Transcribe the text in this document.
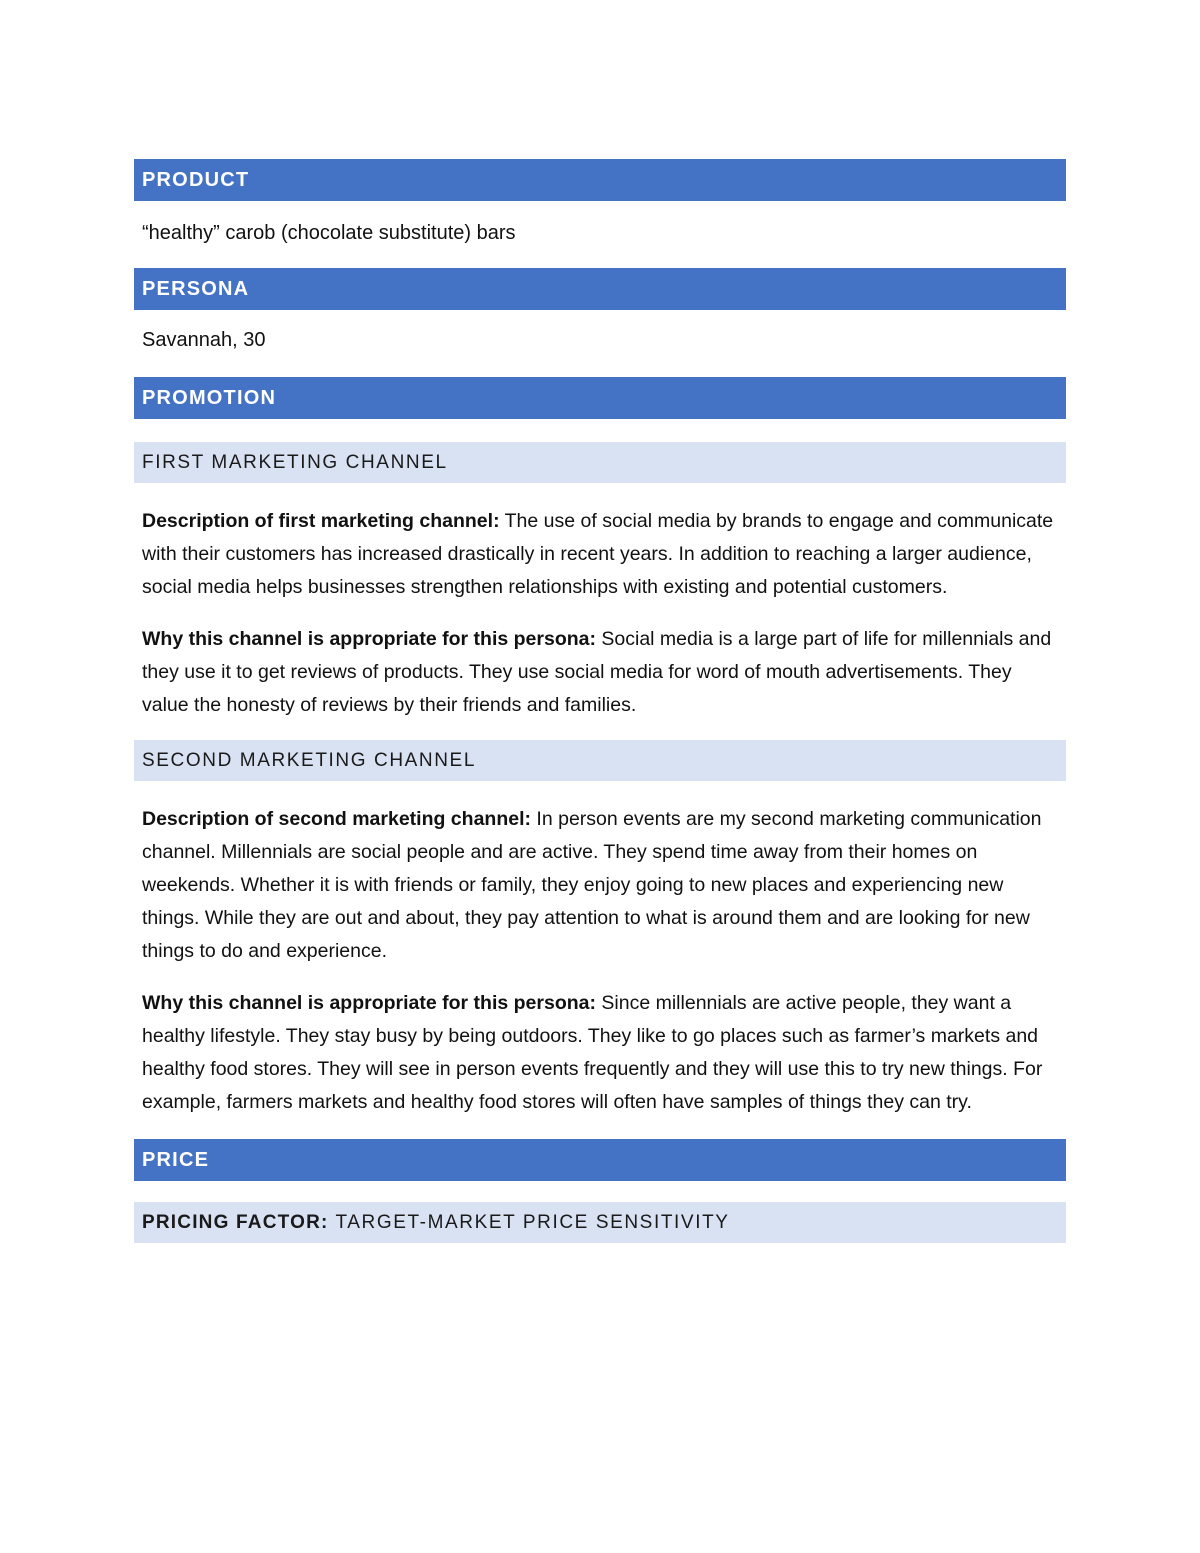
PRODUCT
“healthy” carob (chocolate substitute) bars
PERSONA
Savannah, 30
PROMOTION
FIRST MARKETING CHANNEL

Description of first marketing channel: The use of social media by brands to engage and communicate with their customers has increased drastically in recent years. In addition to reaching a larger audience, social media helps businesses strengthen relationships with existing and potential customers.

Why this channel is appropriate for this persona: Social media is a large part of life for millennials and they use it to get reviews of products. They use social media for word of mouth advertisements. They value the honesty of reviews by their friends and families.

SECOND MARKETING CHANNEL

Description of second marketing channel: In person events are my second marketing communication channel. Millennials are social people and are active. They spend time away from their homes on weekends. Whether it is with friends or family, they enjoy going to new places and experiencing new things. While they are out and about, they pay attention to what is around them and are looking for new things to do and experience.

Why this channel is appropriate for this persona: Since millennials are active people, they want a healthy lifestyle. They stay busy by being outdoors. They like to go places such as farmer’s markets and healthy food stores. They will see in person events frequently and they will use this to try new things. For example, farmers markets and healthy food stores will often have samples of things they can try.

PRICE
PRICING FACTOR:
TARGET-MARKET PRICE SENSITIVITY
